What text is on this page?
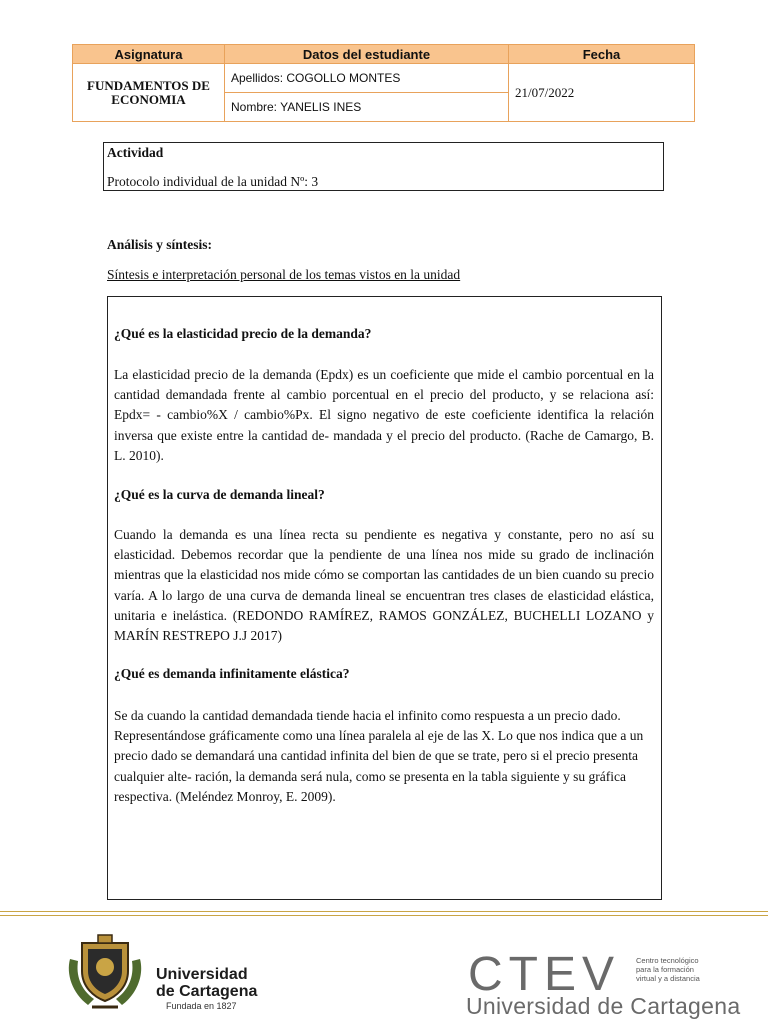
Asignatura	Datos del estudiante	Fecha
FUNDAMENTOS DE ECONOMIA	Apellidos: COGOLLO MONTES	21/07/2022
	Nombre: YANELIS INES	
Actividad
Protocolo individual de la unidad Nº: 3
Análisis y síntesis:
Síntesis e interpretación personal de los temas vistos en la unidad
¿Qué es la elasticidad precio de la demanda?

La elasticidad precio de la demanda (Epdx) es un coeficiente que mide el cambio porcentual en la cantidad demandada frente al cambio porcentual en el precio del producto, y se relaciona así: Epdx= - cambio%X / cambio%Px. El signo negativo de este coeficiente identifica la relación inversa que existe entre la cantidad de- mandada y el precio del producto. (Rache de Camargo, B. L. 2010).

¿Qué es la curva de demanda lineal?

Cuando la demanda es una línea recta su pendiente es negativa y constante, pero no así su elasticidad. Debemos recordar que la pendiente de una línea nos mide su grado de inclinación mientras que la elasticidad nos mide cómo se comportan las cantidades de un bien cuando su precio varía. A lo largo de una curva de demanda lineal se encuentran tres clases de elasticidad elástica, unitaria e inelástica. (REDONDO RAMÍREZ, RAMOS GONZÁLEZ, BUCHELLI LOZANO y MARÍN RESTREPO J.J 2017)

¿Qué es demanda infinitamente elástica?

Se da cuando la cantidad demandada tiende hacia el infinito como respuesta a un precio dado. Representándose gráficamente como una línea paralela al eje de las X. Lo que nos indica que a un precio dado se demandará una cantidad infinita del bien de que se trate, pero si el precio presenta cualquier alte- ración, la demanda será nula, como se presenta en la tabla siguiente y su gráfica respectiva. (Meléndez Monroy, E. 2009).

Universidad
de Cartagena
Fundada en 1827
CTEV Centro tecnológico
para la formación
virtual y a distancia
Universidad de Cartagena
